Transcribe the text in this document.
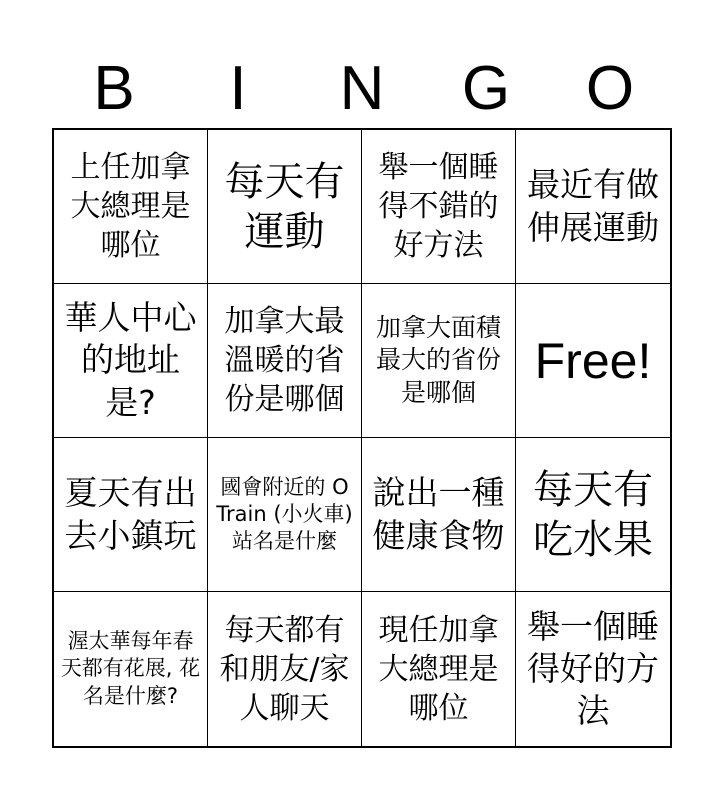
B	I	N	G	O
上任加拿大總理是哪位
每天有運動
舉一個睡得不錯的好方法
最近有做伸展運動
華人中心的地址是?
加拿大最溫暖的省份是哪個
加拿大面積最大的省份是哪個
Free!
夏天有出去小鎮玩
國會附近的 O Train (小火車)站名是什麼
說出一種健康食物
每天有吃水果
渥太華每年春天都有花展, 花名是什麼?
每天都有和朋友/家人聊天
現任加拿大總理是哪位
舉一個睡得好的方法
